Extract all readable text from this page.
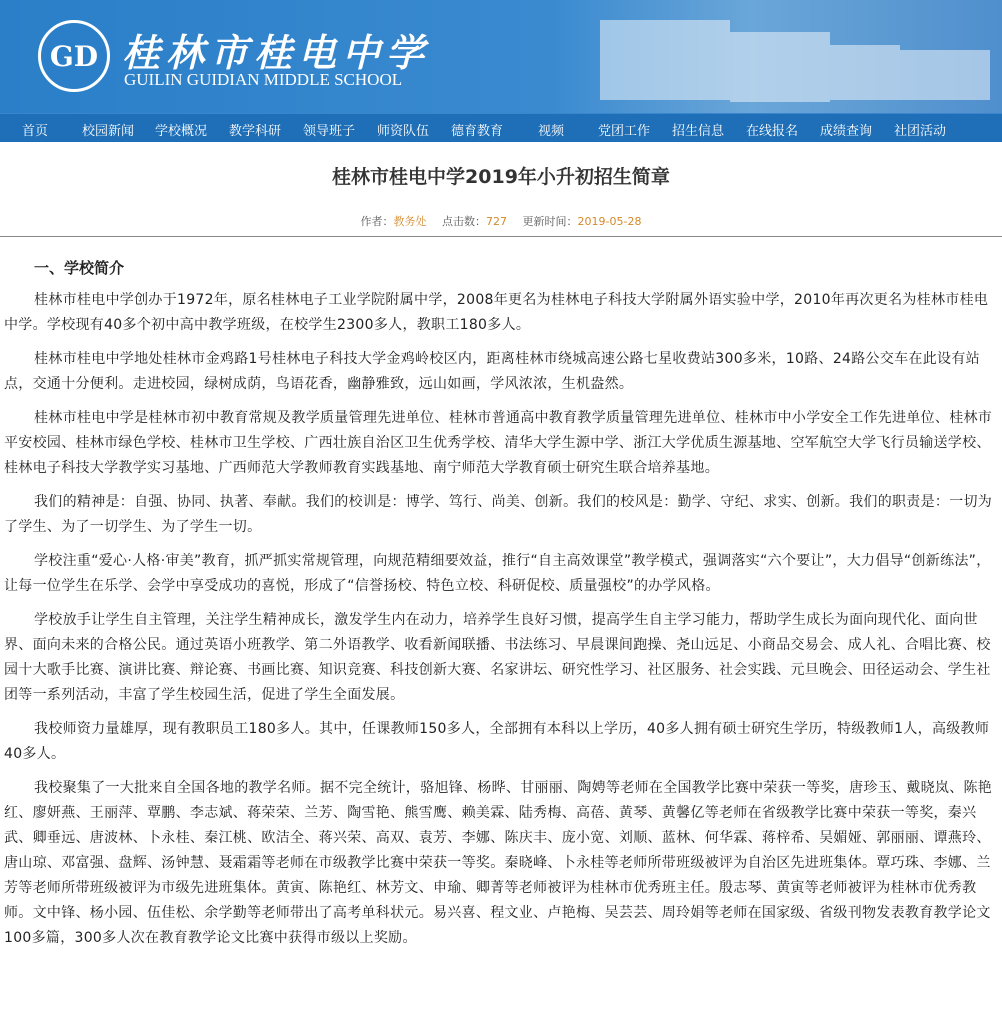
GD 桂林市桂电中学
GUILIN GUIDIAN MIDDLE SCHOOL
首页	校园新闻 学校概况 教学科研 领导班子 师资队伍 德育教育	视频	党团工作 招生信息 在线报名 成绩查询 社团活动
桂林市桂电中学2019年小升初招生简章
作者：教务处 点击数：727 更新时间：2019-05-28
一、学校简介

桂林市桂电中学创办于1972年，原名桂林电子工业学院附属中学，2008年更名为桂林电子科技大学附属外语实验中学，2010年再次更名为桂林市桂电中学。学校现有40多个初中高中教学班级，在校学生2300多人，教职工180多人。

桂林市桂电中学地处桂林市金鸡路1号桂林电子科技大学金鸡岭校区内，距离桂林市绕城高速公路七星收费站300多米，10路、24路公交车在此设有站点，交通十分便利。走进校园，绿树成荫，鸟语花香，幽静雅致，远山如画，学风浓浓，生机盎然。

桂林市桂电中学是桂林市初中教育常规及教学质量管理先进单位、桂林市普通高中教育教学质量管理先进单位、桂林市中小学安全工作先进单位、桂林市平安校园、桂林市绿色学校、桂林市卫生学校、广西壮族自治区卫生优秀学校、清华大学生源中学、浙江大学优质生源基地、空军航空大学飞行员输送学校、桂林电子科技大学教学实习基地、广西师范大学教师教育实践基地、南宁师范大学教育硕士研究生联合培养基地。

我们的精神是：自强、协同、执著、奉献。我们的校训是：博学、笃行、尚美、创新。我们的校风是：勤学、守纪、求实、创新。我们的职责是：一切为了学生、为了一切学生、为了学生一切。

学校注重“爱心·人格·审美”教育，抓严抓实常规管理，向规范精细要效益，推行“自主高效课堂”教学模式，强调落实“六个要让”，大力倡导“创新练法”，让每一位学生在乐学、会学中享受成功的喜悦，形成了“信誉扬校、特色立校、科研促校、质量强校”的办学风格。

学校放手让学生自主管理，关注学生精神成长，激发学生内在动力，培养学生良好习惯，提高学生自主学习能力，帮助学生成长为面向现代化、面向世界、面向未来的合格公民。通过英语小班教学、第二外语教学、收看新闻联播、书法练习、早晨课间跑操、尧山远足、小商品交易会、成人礼、合唱比赛、校园十大歌手比赛、演讲比赛、辩论赛、书画比赛、知识竞赛、科技创新大赛、名家讲坛、研究性学习、社区服务、社会实践、元旦晚会、田径运动会、学生社团等一系列活动，丰富了学生校园生活，促进了学生全面发展。

我校师资力量雄厚，现有教职员工180多人。其中，任课教师150多人，全部拥有本科以上学历，40多人拥有硕士研究生学历，特级教师1人，高级教师40多人。

我校聚集了一大批来自全国各地的教学名师。据不完全统计，骆旭锋、杨晔、甘丽丽、陶娉等老师在全国教学比赛中荣获一等奖，唐珍玉、戴晓岚、陈艳红、廖妍燕、王丽萍、覃鹏、李志斌、蒋荣荣、兰芳、陶雪艳、熊雪鹰、赖美霖、陆秀梅、高蓓、黄琴、黄馨亿等老师在省级教学比赛中荣获一等奖，秦兴武、卿垂远、唐波林、卜永桂、秦江桃、欧洁全、蒋兴荣、高双、袁芳、李娜、陈庆丰、庞小宽、刘顺、蓝林、何华霖、蒋梓希、吴媚娅、郭丽丽、谭燕玲、唐山琼、邓富强、盘辉、汤钟慧、聂霜霜等老师在市级教学比赛中荣获一等奖。秦晓峰、卜永桂等老师所带班级被评为自治区先进班集体。覃巧珠、李娜、兰芳等老师所带班级被评为市级先进班集体。黄寅、陈艳红、林芳文、申瑜、卿菁等老师被评为桂林市优秀班主任。殷志琴、黄寅等老师被评为桂林市优秀教师。文中锋、杨小园、伍佳松、余学勤等老师带出了高考单科状元。易兴喜、程文业、卢艳梅、吴芸芸、周玲娟等老师在国家级、省级刊物发表教育教学论文100多篇，300多人次在教育教学论文比赛中获得市级以上奖励。
